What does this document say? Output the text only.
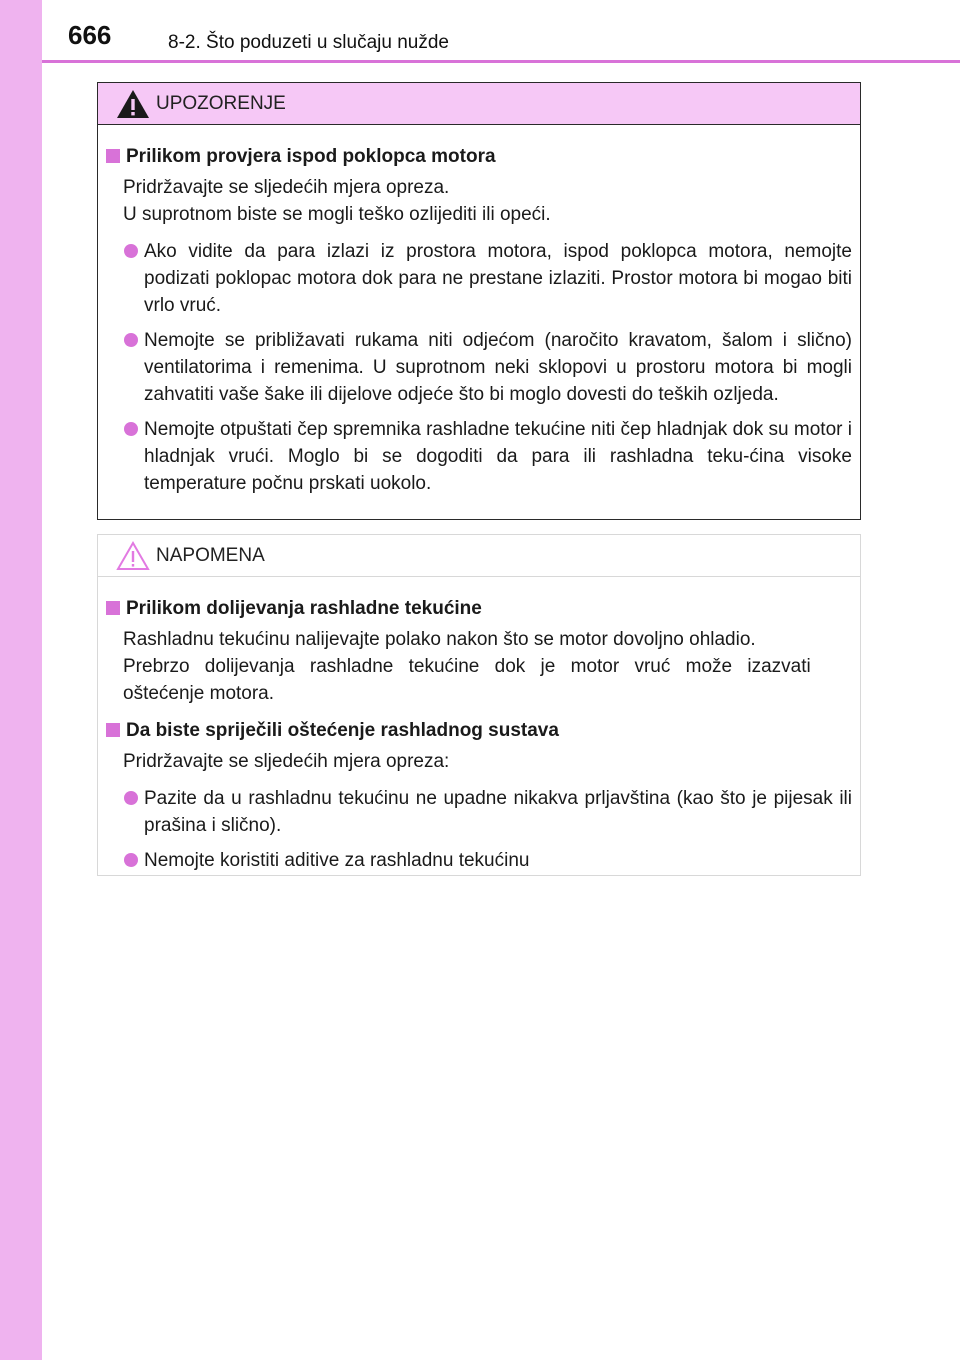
666	8-2. Što poduzeti u slučaju nužde
UPOZORENJE
Prilikom provjera ispod poklopca motora
Pridržavajte se sljedećih mjera opreza.
U suprotnom biste se mogli teško ozlijediti ili opeći.
Ako vidite da para izlazi iz prostora motora, ispod poklopca motora, nemojte podizati poklopac motora dok para ne prestane izlaziti. Prostor motora bi mogao biti vrlo vruć.
Nemojte se približavati rukama niti odjećom (naročito kravatom, šalom i slično) ventilatorima i remenima. U suprotnom neki sklopovi u prostoru motora bi mogli zahvatiti vaše šake ili dijelove odjeće što bi moglo dovesti do teških ozljeda.
Nemojte otpuštati čep spremnika rashladne tekućine niti čep hladnjak dok su motor i hladnjak vrući. Moglo bi se dogoditi da para ili rashladna teku-ćina visoke temperature počnu prskati uokolo.
NAPOMENA
Prilikom dolijevanja rashladne tekućine
Rashladnu tekućinu nalijevajte polako nakon što se motor dovoljno ohladio.
Prebrzo dolijevanja rashladne tekućine dok je motor vruć može izazvati
oštećenje motora.
Da biste spriječili oštećenje rashladnog sustava
Pridržavajte se sljedećih mjera opreza:
Pazite da u rashladnu tekućinu ne upadne nikakva prljavština (kao što je pijesak ili prašina i slično).
Nemojte koristiti aditive za rashladnu tekućinu
